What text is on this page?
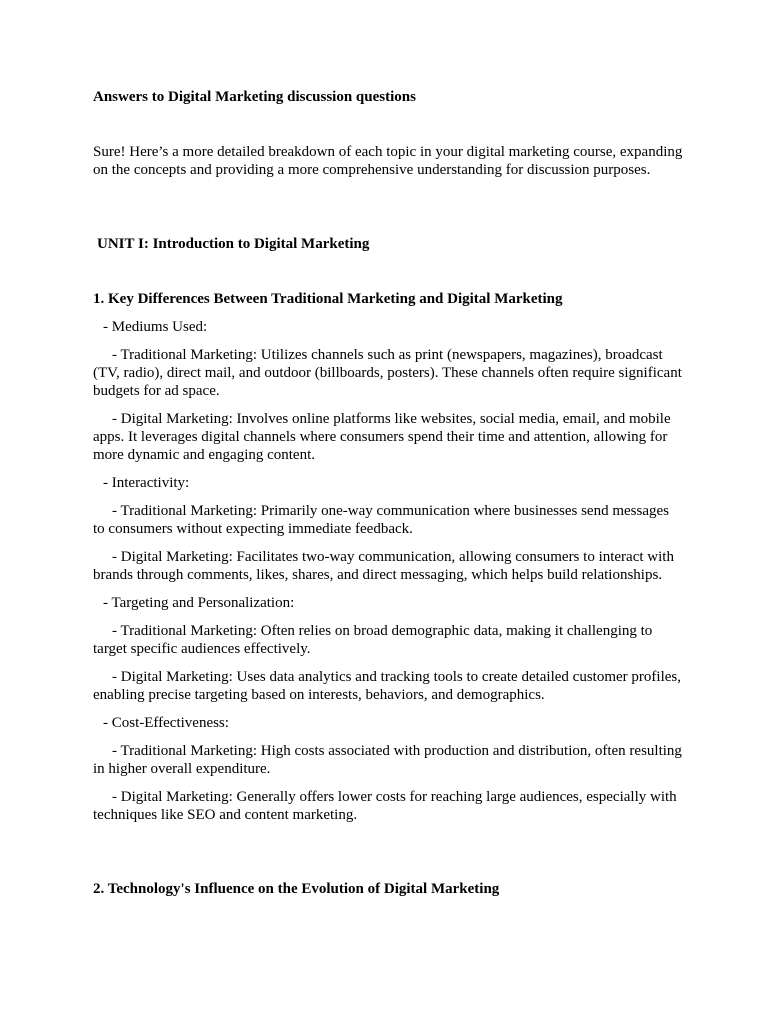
Answers to Digital Marketing discussion questions
Sure! Here’s a more detailed breakdown of each topic in your digital marketing course, expanding on the concepts and providing a more comprehensive understanding for discussion purposes.
UNIT I: Introduction to Digital Marketing
1. Key Differences Between Traditional Marketing and Digital Marketing
- Mediums Used:
- Traditional Marketing: Utilizes channels such as print (newspapers, magazines), broadcast (TV, radio), direct mail, and outdoor (billboards, posters). These channels often require significant budgets for ad space.
- Digital Marketing: Involves online platforms like websites, social media, email, and mobile apps. It leverages digital channels where consumers spend their time and attention, allowing for more dynamic and engaging content.
- Interactivity:
- Traditional Marketing: Primarily one-way communication where businesses send messages to consumers without expecting immediate feedback.
- Digital Marketing: Facilitates two-way communication, allowing consumers to interact with brands through comments, likes, shares, and direct messaging, which helps build relationships.
- Targeting and Personalization:
- Traditional Marketing: Often relies on broad demographic data, making it challenging to target specific audiences effectively.
- Digital Marketing: Uses data analytics and tracking tools to create detailed customer profiles, enabling precise targeting based on interests, behaviors, and demographics.
- Cost-Effectiveness:
- Traditional Marketing: High costs associated with production and distribution, often resulting in higher overall expenditure.
- Digital Marketing: Generally offers lower costs for reaching large audiences, especially with techniques like SEO and content marketing.
2. Technology's Influence on the Evolution of Digital Marketing
